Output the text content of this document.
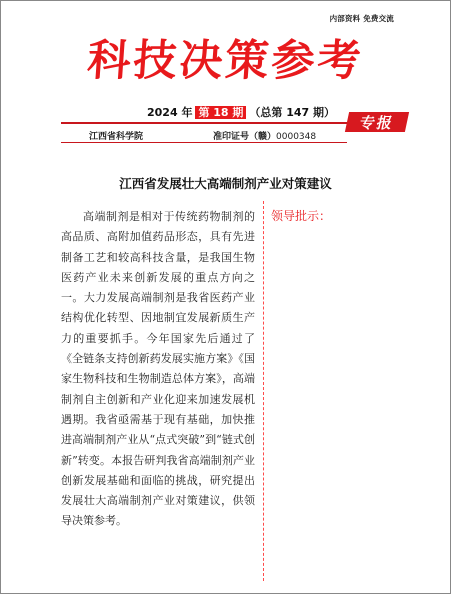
内部资料 免费交流
科技决策参考
2024 年 第 18 期 （总第 147 期）
江西省科学院	准印证号（赣）0000348
专报
江西省发展壮大高端制剂产业对策建议

高端制剂是相对于传统药物制剂的高品质、高附加值药品形态，具有先进制备工艺和较高科技含量，是我国生物医药产业未来创新发展的重点方向之一。大力发展高端制剂是我省医药产业结构优化转型、因地制宜发展新质生产力的重要抓手。今年国家先后通过了《全链条支持创新药发展实施方案》《国家生物科技和生物制造总体方案》，高端制剂自主创新和产业化迎来加速发展机遇期。我省亟需基于现有基础，加快推进高端制剂产业从“点式突破”到“链式创新”转变。本报告研判我省高端制剂产业创新发展基础和面临的挑战，研究提出发展壮大高端制剂产业对策建议，供领导决策参考。

领导批示：
